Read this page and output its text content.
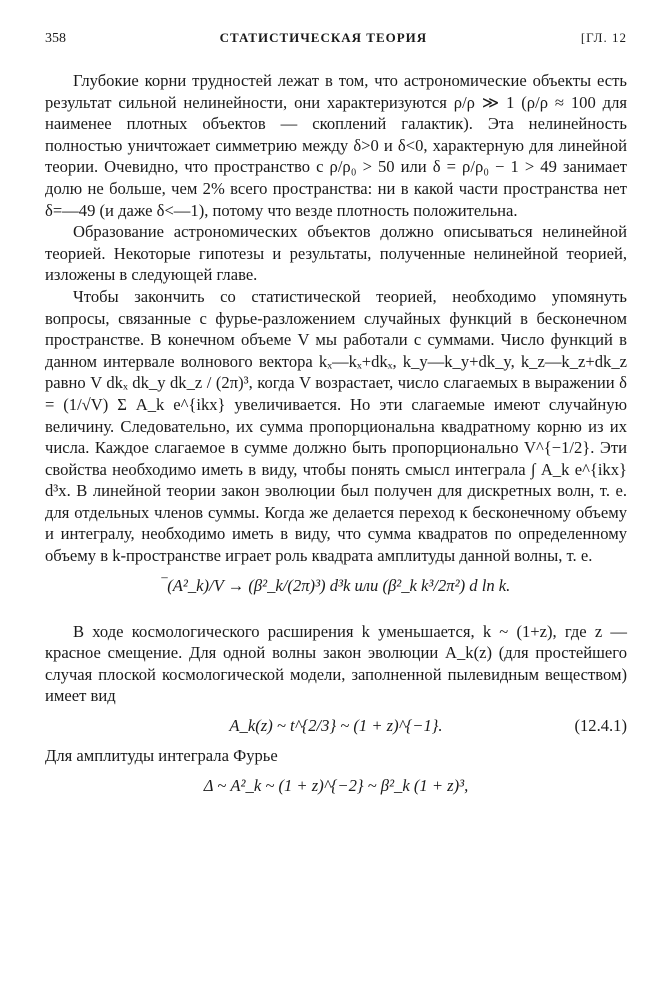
358	СТАТИСТИЧЕСКАЯ ТЕОРИЯ	[ГЛ. 12

Глубокие корни трудностей лежат в том, что астрономические объекты есть результат сильной нелинейности, они характеризуются ρ/ρ ≫ 1 (ρ/ρ ≈ 100 для наименее плотных объектов — скоплений галактик). Эта нелинейность полностью уничтожает симметрию между δ>0 и δ<0, характерную для линейной теории. Очевидно, что пространство с ρ/ρ₀ > 50 или δ = ρ/ρ₀ − 1 > 49 занимает долю не больше, чем 2% всего пространства: ни в какой части пространства нет δ=—49 (и даже δ<—1), потому что везде плотность положительна.

Образование астрономических объектов должно описываться нелинейной теорией. Некоторые гипотезы и результаты, полученные нелинейной теорией, изложены в следующей главе.

Чтобы закончить со статистической теорией, необходимо упомянуть вопросы, связанные с фурье-разложением случайных функций в бесконечном пространстве. В конечном объеме V мы работали с суммами. Число функций в данном интервале волнового вектора kₓ—kₓ+dkₓ, k_y—k_y+dk_y, k_z—k_z+dk_z равно V dkₓ dk_y dk_z / (2π)³, когда V возрастает, число слагаемых в выражении δ = (1/√V) Σ A_k e^{ikx} увеличивается. Но эти слагаемые имеют случайную величину. Следовательно, их сумма пропорциональна квадратному корню из их числа. Каждое слагаемое в сумме должно быть пропорционально V^{−1/2}. Эти свойства необходимо иметь в виду, чтобы понять смысл интеграла ∫ A_k e^{ikx} d³x. В линейной теории закон эволюции был получен для дискретных волн, т. е. для отдельных членов суммы. Когда же делается переход к бесконечному объему и интегралу, необходимо иметь в виду, что сумма квадратов по определенному объему в k-пространстве играет роль квадрата амплитуды данной волны, т. е.

‾(A²_k)/V → (β²_k/(2π)³) d³k или (β²_k k³/2π²) d ln k.

В ходе космологического расширения k уменьшается, k ~ (1+z), где z — красное смещение. Для одной волны закон эволюции A_k(z) (для простейшего случая плоской космологической модели, заполненной пылевидным веществом) имеет вид

A_k(z) ~ t^{2/3} ~ (1 + z)^{−1}.	(12.4.1)

Для амплитуды интеграла Фурье

Δ ~ A²_k ~ (1 + z)^{−2} ~ β²_k (1 + z)³,
